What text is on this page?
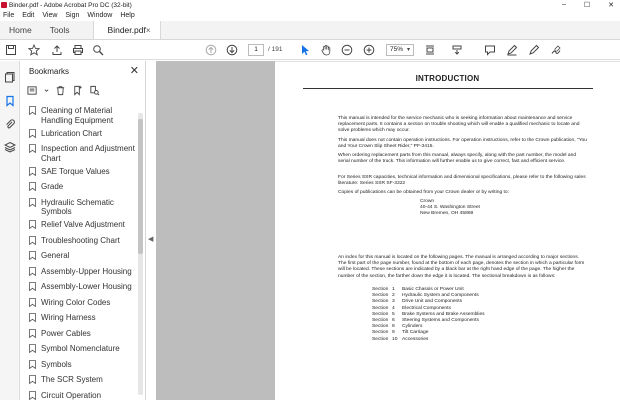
Binder.pdf - Adobe Acrobat Pro DC (32-bit)	–	☐	✕
File Edit View Sign Window Help
Home	Tools	Binder.pdf ×
1	/ 191	75% ▾
Bookmarks	✕
Cleaning of Material Handling Equipment
Lubrication Chart
Inspection and Adjustment Chart
SAE Torque Values
Grade
Hydraulic Schematic Symbols
Relief Valve Adjustment
Troubleshooting Chart
General
Assembly-Upper Housing
Assembly-Lower Housing
Wiring Color Codes
Wiring Harness
Power Cables
Symbol Nomenclature
Symbols
The SCR System
Circuit Operation
◀
INTRODUCTION
This manual is intended for the service mechanic who is seeking information about maintenance and service replacement parts. It contains a section on trouble shooting which will enable a qualified mechanic to locate and solve problems which may occur.
This manual does not contain operation instructions. For operation instructions, refer to the Crown publication, "You and Your Crown Slip Sheet Rider," PF-3415.
When ordering replacement parts from this manual, always specify, along with the part number, the model and serial number of the truck. This information will further enable us to give correct, fast and efficient service.
For Series SSR capacities, technical information and dimensional specifications, please refer to the following sales literature: Series SSR SF-3322
Copies of publications can be obtained from your Crown dealer or by writing to:
Crown
40-44 S. Washington Street
New Bremen, OH 45869
An index for this manual is located on the following pages. The manual is arranged according to major sections. The first part of the page number, found at the bottom of each page, denotes the section in which a particular form will be located. These sections are indicated by a black bar at the right hand edge of the page. The higher the number of the section, the farther down the edge it is located. The sectional breakdown is as follows:
Section 1	Basic Chassis or Power Unit
Section 2	Hydraulic System and Components
Section 3	Drive Unit and Components
Section 4	Electrical Components
Section 5	Brake Systems and Brake Assemblies
Section 6	Steering Systems and Components
Section 8	Cylinders
Section 9	Tilt Carriage
Section 10 Accessories
